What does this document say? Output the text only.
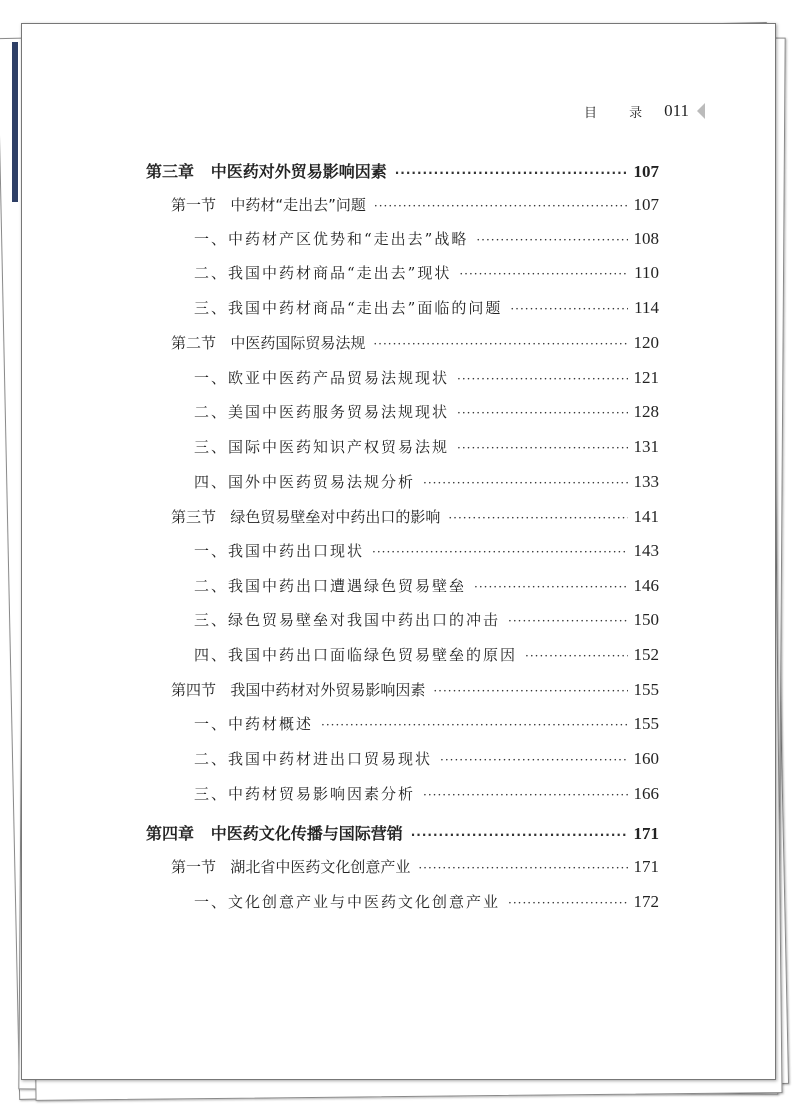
目 录 011
第三章 中医药对外贸易影响因素 ·····	107
第一节 中药材“走出去”问题 ·····	107
一、中药材产区优势和“走出去”战略 ·····	108
二、我国中药材商品“走出去”现状 ·····	110
三、我国中药材商品“走出去”面临的问题 ·····	114
第二节 中医药国际贸易法规 ·····	120
一、欧亚中医药产品贸易法规现状 ·····	121
二、美国中医药服务贸易法规现状 ·····	128
三、国际中医药知识产权贸易法规 ·····	131
四、国外中医药贸易法规分析 ·····	133
第三节 绿色贸易壁垒对中药出口的影响 ·····	141
一、我国中药出口现状 ·····	143
二、我国中药出口遭遇绿色贸易壁垒 ·····	146
三、绿色贸易壁垒对我国中药出口的冲击 ·····	150
四、我国中药出口面临绿色贸易壁垒的原因 ·····	152
第四节 我国中药材对外贸易影响因素 ·····	155
一、中药材概述 ·····	155
二、我国中药材进出口贸易现状 ·····	160
三、中药材贸易影响因素分析 ·····	166
第四章 中医药文化传播与国际营销 ·····	171
第一节 湖北省中医药文化创意产业 ·····	171
一、文化创意产业与中医药文化创意产业 ·····	172
